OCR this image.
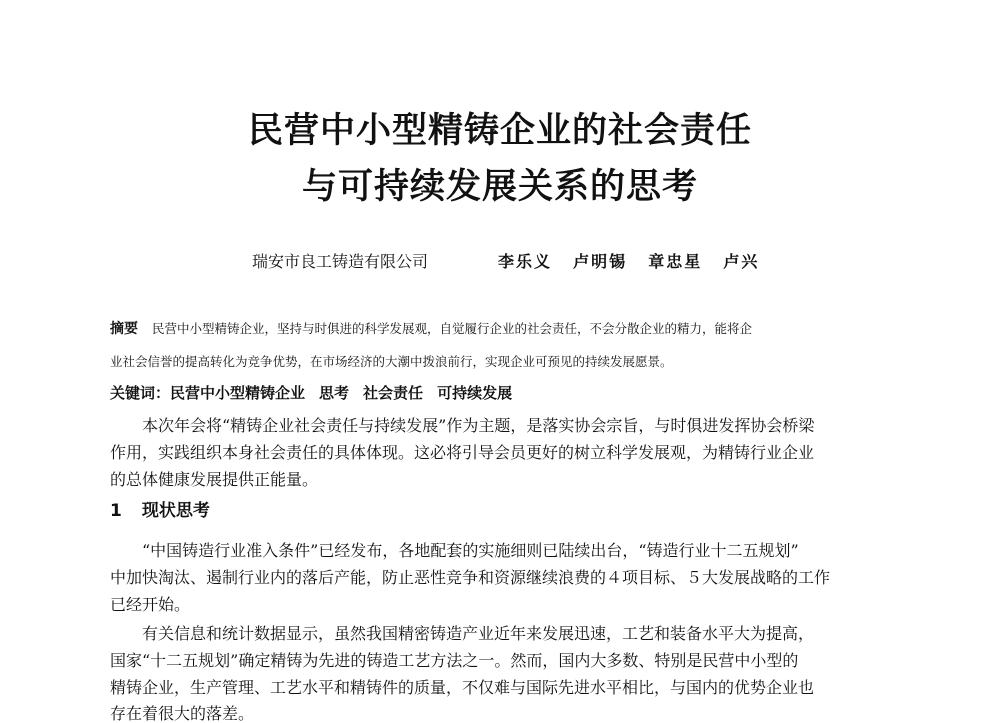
民营中小型精铸企业的社会责任
与可持续发展关系的思考
瑞安市良工铸造有限公司	李乐义 卢明锡 章忠星 卢兴
摘要 民营中小型精铸企业，坚持与时俱进的科学发展观，自觉履行企业的社会责任，不会分散企业的精力，能将企
业社会信誉的提高转化为竞争优势，在市场经济的大潮中拨浪前行，实现企业可预见的持续发展愿景。
关键词：民营中小型精铸企业 思考 社会责任 可持续发展
本次年会将“精铸企业社会责任与持续发展”作为主题，是落实协会宗旨，与时俱进发挥协会桥梁
作用，实践组织本身社会责任的具体体现。这必将引导会员更好的树立科学发展观，为精铸行业企业
的总体健康发展提供正能量。
1 现状思考
“中国铸造行业准入条件”已经发布，各地配套的实施细则已陆续出台，“铸造行业十二五规划”
中加快淘汰、遏制行业内的落后产能，防止恶性竞争和资源继续浪费的４项目标、５大发展战略的工作
已经开始。
有关信息和统计数据显示，虽然我国精密铸造产业近年来发展迅速，工艺和装备水平大为提高，
国家“十二五规划”确定精铸为先进的铸造工艺方法之一。然而，国内大多数、特别是民营中小型的
精铸企业，生产管理、工艺水平和精铸件的质量，不仅难与国际先进水平相比，与国内的优势企业也
存在着很大的落差。
